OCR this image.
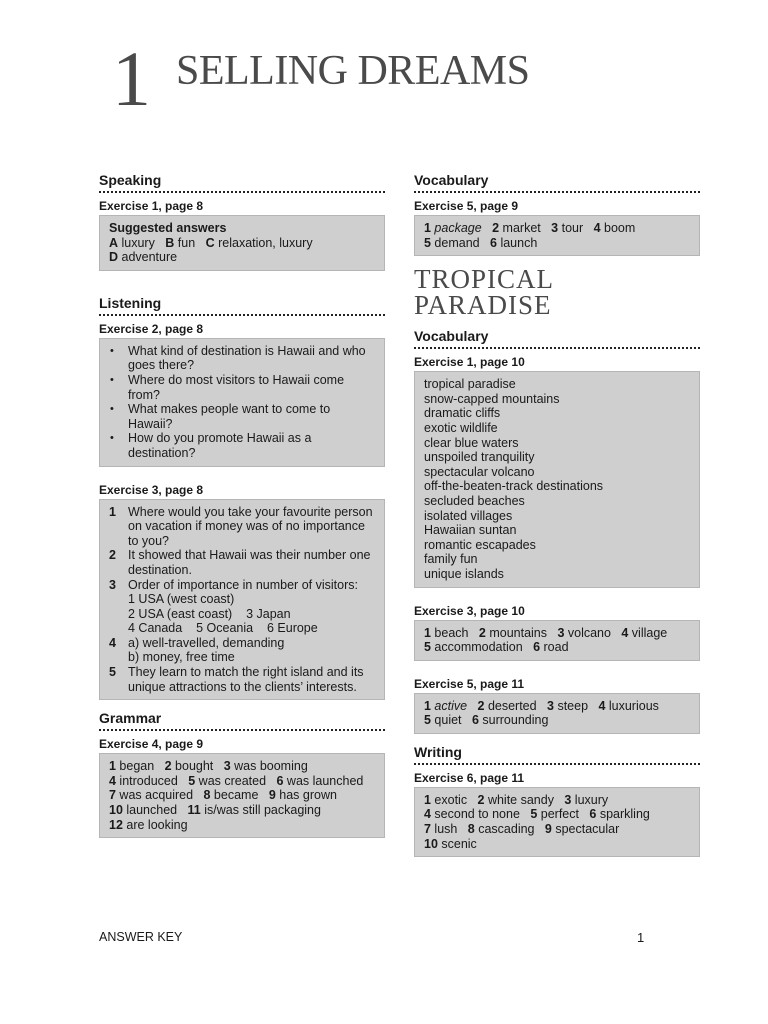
1 SELLING DREAMS
Speaking
Exercise 1, page 8
Suggested answers
A luxury B fun C relaxation, luxury
D adventure
Listening
Exercise 2, page 8
• What kind of destination is Hawaii and who goes there?
• Where do most visitors to Hawaii come from?
• What makes people want to come to Hawaii?
• How do you promote Hawaii as a destination?
Exercise 3, page 8
1 Where would you take your favourite person on vacation if money was of no importance to you?
2 It showed that Hawaii was their number one destination.
3 Order of importance in number of visitors:
1 USA (west coast)
2 USA (east coast)    3 Japan
4 Canada    5 Oceania    6 Europe
4 a) well-travelled, demanding
b) money, free time
5 They learn to match the right island and its unique attractions to the clients’ interests.
Grammar
Exercise 4, page 9
1 began 2 bought 3 was booming
4 introduced 5 was created 6 was launched
7 was acquired 8 became 9 has grown
10 launched 11 is/was still packaging
12 are looking
Vocabulary
Exercise 5, page 9
1 package 2 market 3 tour 4 boom
5 demand 6 launch
TROPICAL
PARADISE
Vocabulary
Exercise 1, page 10
tropical paradise
snow-capped mountains
dramatic cliffs
exotic wildlife
clear blue waters
unspoiled tranquility
spectacular volcano
off-the-beaten-track destinations
secluded beaches
isolated villages
Hawaiian suntan
romantic escapades
family fun
unique islands
Exercise 3, page 10
1 beach 2 mountains 3 volcano 4 village
5 accommodation 6 road
Exercise 5, page 11
1 active 2 deserted 3 steep 4 luxurious
5 quiet 6 surrounding
Writing
Exercise 6, page 11
1 exotic 2 white sandy 3 luxury
4 second to none 5 perfect 6 sparkling
7 lush 8 cascading 9 spectacular
10 scenic
ANSWER KEY	1
